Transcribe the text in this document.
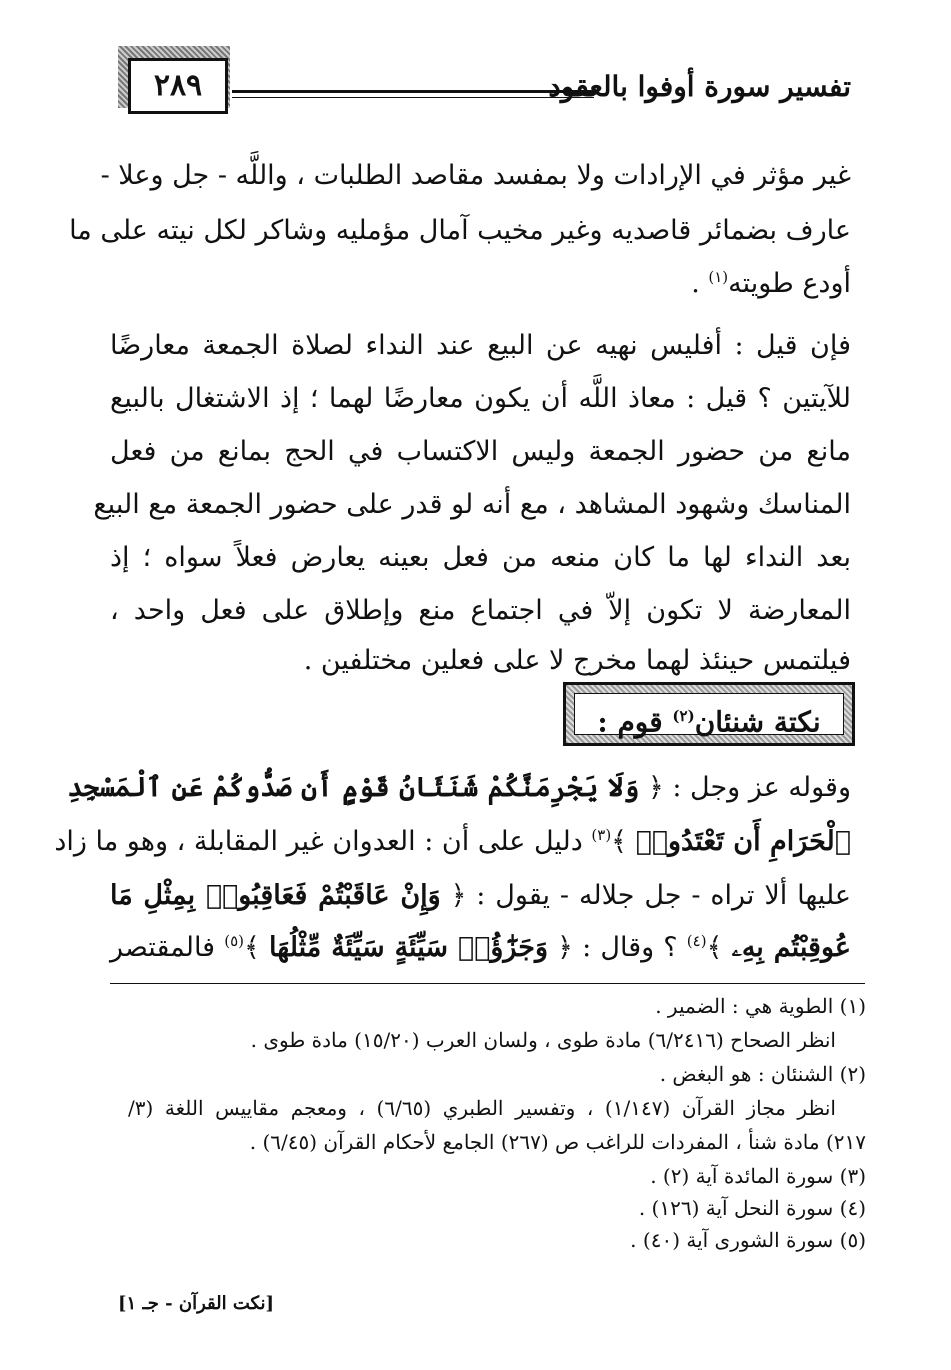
٢٨٩	تفسير سورة أوفوا بالعقود
غير مؤثر في الإرادات ولا بمفسد مقاصد الطلبات ، واللَّه - جل وعلا -
عارف بضمائر قاصديه وغير مخيب آمال مؤمليه وشاكر لكل نيته على ما
أودع طويته$^{(١)}$ .
فإن قيل : أفليس نهيه عن البيع عند النداء لصلاة الجمعة معارضًا
للآيتين ؟ قيل : معاذ اللَّه أن يكون معارضًا لهما ؛ إذ الاشتغال بالبيع
مانع من حضور الجمعة وليس الاكتساب في الحج بمانع من فعل
المناسك وشهود المشاهد ، مع أنه لو قدر على حضور الجمعة مع البيع
بعد النداء لها ما كان منعه من فعل بعينه يعارض فعلاً سواه ؛ إذ
المعارضة لا تكون إلاّ في اجتماع منع وإطلاق على فعل واحد ،
فيلتمس حينئذ لهما مخرج لا على فعلين مختلفين .
نكتة شنئان$^{(٢)}$ قوم :
وقوله عز وجل : ﴿ وَلَا يَجْرِمَنَّكُمْ شَنَئَانُ قَوْمٍ أَن صَدُّوكُمْ عَنِ ٱلْمَسْجِدِ
ٱلْحَرَامِ أَن تَعْتَدُوا۟ ﴾$^{(٣)}$ دليل على أن : العدوان غير المقابلة ، وهو ما زاد
عليها ألا تراه - جل جلاله - يقول : ﴿ وَإِنْ عَاقَبْتُمْ فَعَاقِبُوا۟ بِمِثْلِ مَا
عُوقِبْتُم بِهِۦ ﴾$^{(٤)}$ ؟ وقال : ﴿ وَجَزَٰٓؤُا۟ سَيِّئَةٍ سَيِّئَةٌ مِّثْلُهَا ﴾$^{(٥)}$ فالمقتصر
(١) الطوية هي : الضمير .
انظر الصحاح (٦/٢٤١٦) مادة طوى ، ولسان العرب (١٥/٢٠) مادة طوى .
(٢) الشنئان : هو البغض .
انظر مجاز القرآن (١/١٤٧) ، وتفسير الطبري (٦/٦٥) ، ومعجم مقاييس اللغة (٣/
٢١٧) مادة شنأ ، المفردات للراغب ص (٢٦٧) الجامع لأحكام القرآن (٦/٤٥) .
(٣) سورة المائدة آية (٢) .
(٤) سورة النحل آية (١٢٦) .
(٥) سورة الشورى آية (٤٠) .
[نكت القرآن - جـ ١]
